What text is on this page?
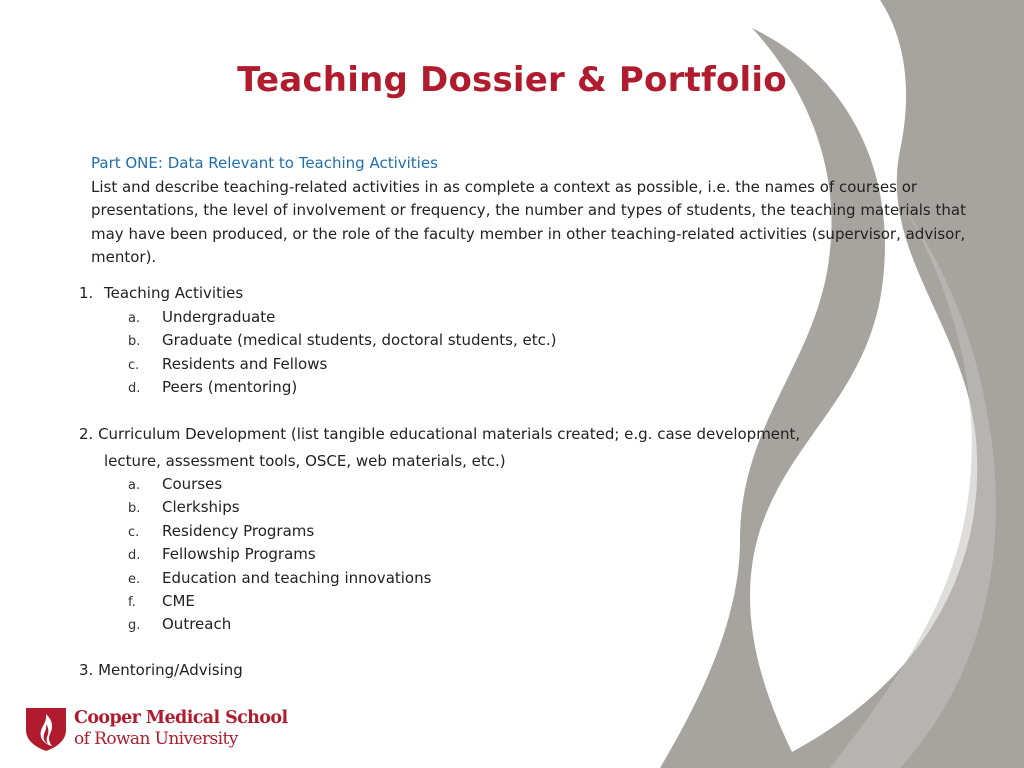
Teaching Dossier & Portfolio
Part ONE: Data Relevant to Teaching Activities
List and describe teaching-related activities in as complete a context as possible, i.e. the names of courses or presentations, the level of involvement or frequency, the number and types of students, the teaching materials that may have been produced, or the role of the faculty member in other teaching-related activities (supervisor, advisor, mentor).
1. Teaching Activities
a. Undergraduate
b. Graduate (medical students, doctoral students, etc.)
c. Residents and Fellows
d. Peers (mentoring)
2. Curriculum Development (list tangible educational materials created; e.g. case development,
lecture, assessment tools, OSCE, web materials, etc.)
a. Courses
b. Clerkships
c. Residency Programs
d. Fellowship Programs
e. Education and teaching innovations
f. CME
g. Outreach
3. Mentoring/Advising
Cooper Medical School
of Rowan University
